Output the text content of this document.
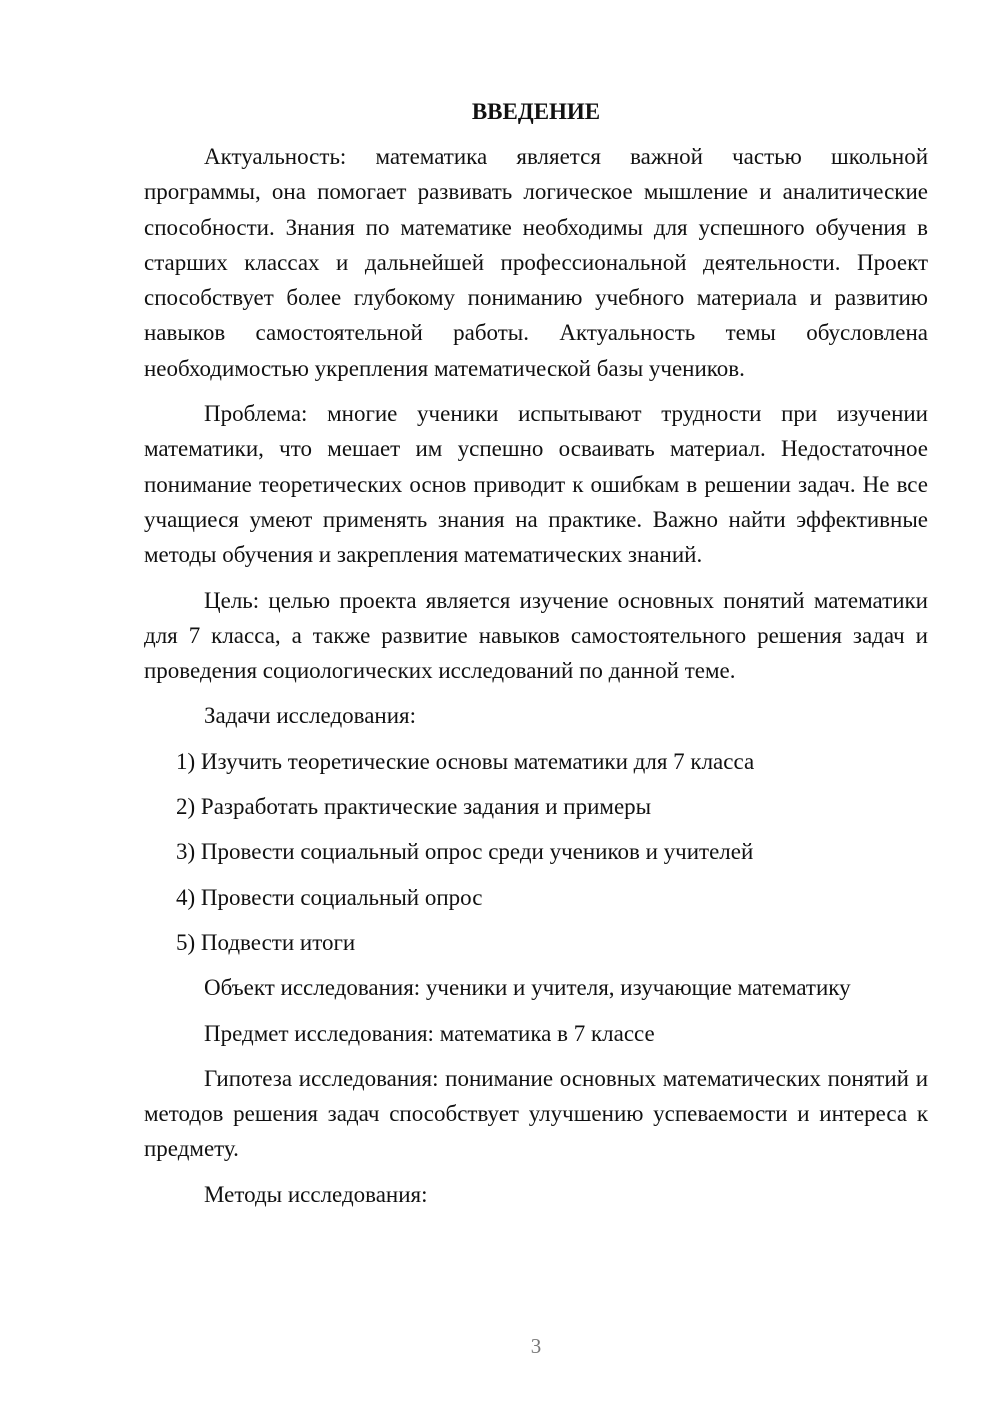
ВВЕДЕНИЕ
Актуальность: математика является важной частью школьной программы, она помогает развивать логическое мышление и аналитические способности. Знания по математике необходимы для успешного обучения в старших классах и дальнейшей профессиональной деятельности. Проект способствует более глубокому пониманию учебного материала и развитию навыков самостоятельной работы. Актуальность темы обусловлена необходимостью укрепления математической базы учеников.
Проблема: многие ученики испытывают трудности при изучении математики, что мешает им успешно осваивать материал. Недостаточное понимание теоретических основ приводит к ошибкам в решении задач. Не все учащиеся умеют применять знания на практике. Важно найти эффективные методы обучения и закрепления математических знаний.
Цель: целью проекта является изучение основных понятий математики для 7 класса, а также развитие навыков самостоятельного решения задач и проведения социологических исследований по данной теме.
Задачи исследования:
1) Изучить теоретические основы математики для 7 класса
2) Разработать практические задания и примеры
3) Провести социальный опрос среди учеников и учителей
4) Провести социальный опрос
5) Подвести итоги
Объект исследования: ученики и учителя, изучающие математику
Предмет исследования: математика в 7 классе
Гипотеза исследования: понимание основных математических понятий и методов решения задач способствует улучшению успеваемости и интереса к предмету.
Методы исследования:
3
